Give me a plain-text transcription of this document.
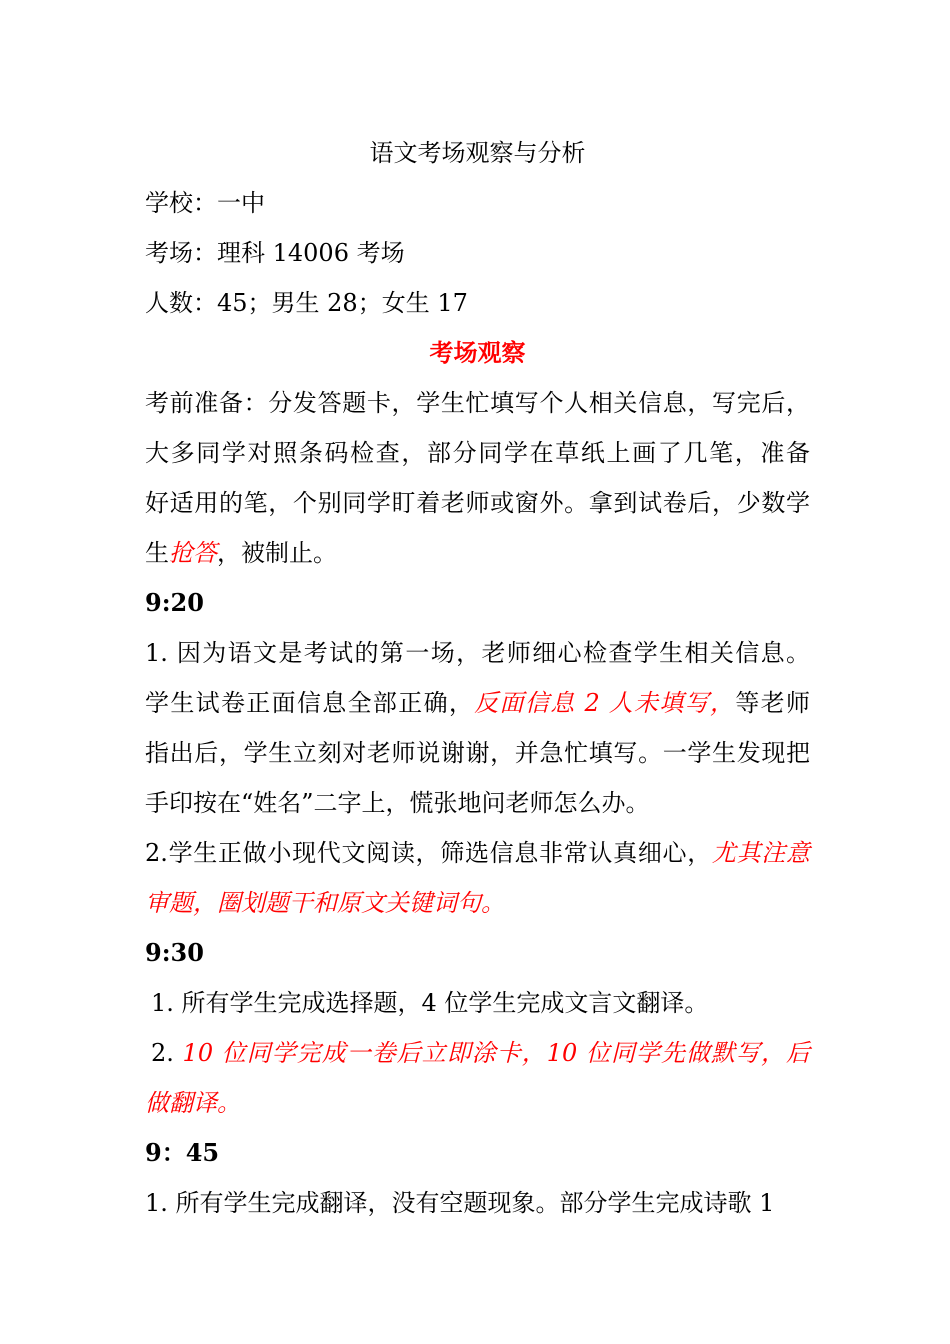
语文考场观察与分析
学校：一中
考场：理科 14006 考场
人数：45；男生 28；女生 17
考场观察
考前准备：分发答题卡，学生忙填写个人相关信息，写完后，
大多同学对照条码检查，部分同学在草纸上画了几笔，准备
好适用的笔，个别同学盯着老师或窗外。拿到试卷后，少数学
生抢答，被制止。
9:20
1. 因为语文是考试的第一场，老师细心检查学生相关信息。
学生试卷正面信息全部正确，反面信息 2 人未填写，等老师
指出后，学生立刻对老师说谢谢，并急忙填写。一学生发现把
手印按在“姓名”二字上，慌张地问老师怎么办。
2.学生正做小现代文阅读，筛选信息非常认真细心，尤其注意
审题，圈划题干和原文关键词句。
9:30
1. 所有学生完成选择题，4 位学生完成文言文翻译。
2. 10 位同学完成一卷后立即涂卡，10 位同学先做默写，后
做翻译。
9：45
1. 所有学生完成翻译，没有空题现象。部分学生完成诗歌 1
